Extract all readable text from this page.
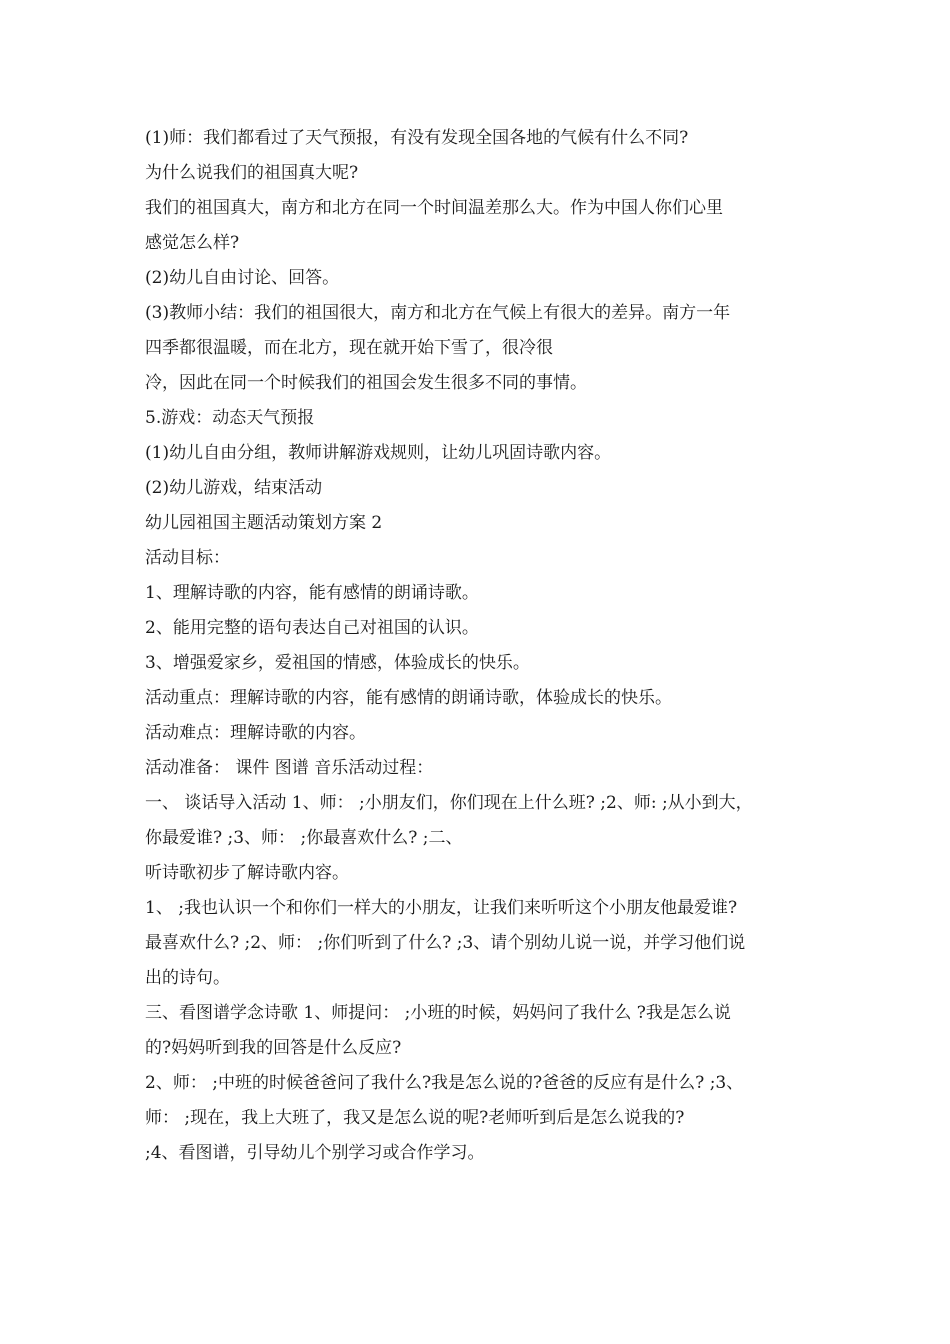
(1)师：我们都看过了天气预报，有没有发现全国各地的气候有什么不同?

为什么说我们的祖国真大呢?

我们的祖国真大，南方和北方在同一个时间温差那么大。作为中国人你们心里

感觉怎么样?

(2)幼儿自由讨论、回答。

(3)教师小结：我们的祖国很大，南方和北方在气候上有很大的差异。南方一年

四季都很温暖，而在北方，现在就开始下雪了，很冷很

冷，因此在同一个时候我们的祖国会发生很多不同的事情。

5.游戏：动态天气预报

(1)幼儿自由分组，教师讲解游戏规则，让幼儿巩固诗歌内容。

(2)幼儿游戏，结束活动

幼儿园祖国主题活动策划方案 2

活动目标：

1、理解诗歌的内容，能有感情的朗诵诗歌。

2、能用完整的语句表达自己对祖国的认识。

3、增强爱家乡，爱祖国的情感，体验成长的快乐。

活动重点：理解诗歌的内容，能有感情的朗诵诗歌，体验成长的快乐。

活动难点：理解诗歌的内容。

活动准备： 课件 图谱 音乐活动过程：

一、 谈话导入活动 1、师： ;小朋友们，你们现在上什么班? ;2、师: ;从小到大，

你最爱谁? ;3、师： ;你最喜欢什么? ;二、

听诗歌初步了解诗歌内容。

1、 ;我也认识一个和你们一样大的小朋友，让我们来听听这个小朋友他最爱谁?

最喜欢什么? ;2、师： ;你们听到了什么? ;3、请个别幼儿说一说，并学习他们说

出的诗句。

三、看图谱学念诗歌 1、师提问： ;小班的时候，妈妈问了我什么 ?我是怎么说

的?妈妈听到我的回答是什么反应?

2、师： ;中班的时候爸爸问了我什么?我是怎么说的?爸爸的反应有是什么? ;3、

师： ;现在，我上大班了，我又是怎么说的呢?老师听到后是怎么说我的?

;4、看图谱，引导幼儿个别学习或合作学习。
